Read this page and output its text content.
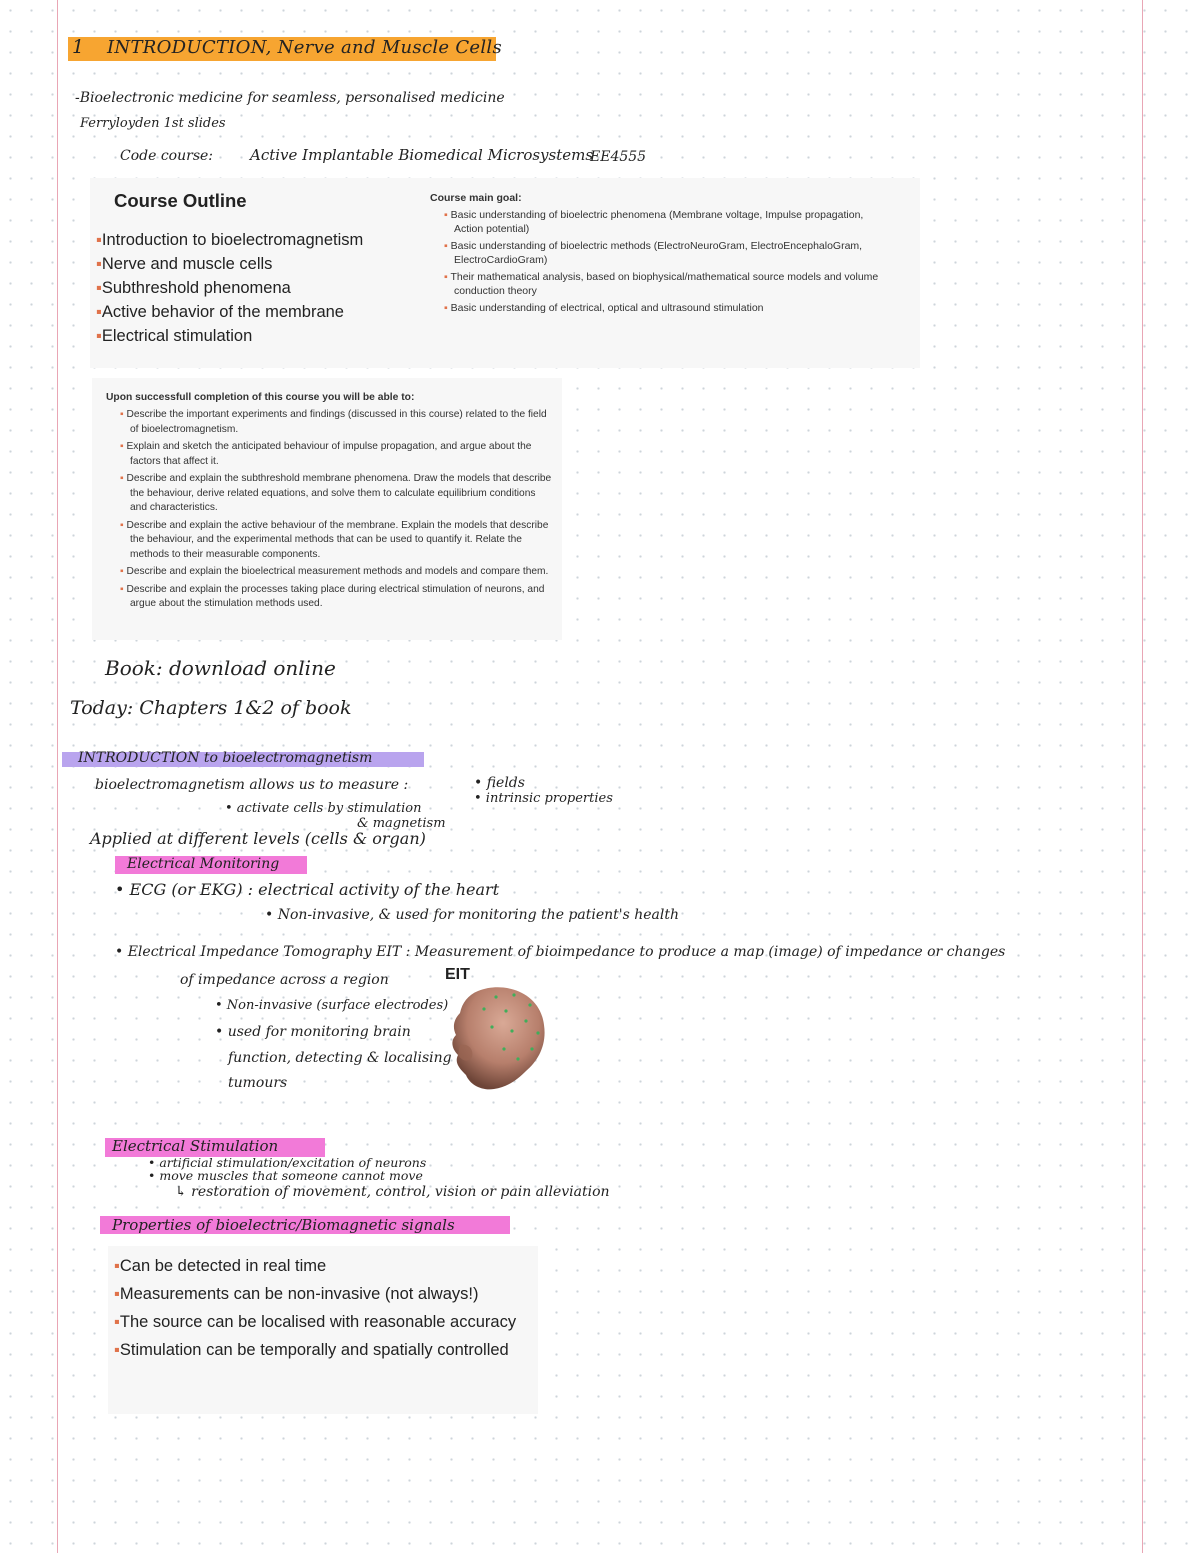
1 INTRODUCTION, Nerve and Muscle Cells
-Bioelectronic medicine for seamless, personalised medicine
Ferryloyden 1st slides
Code course: Active Implantable Biomedical Microsystems
EE4555
Course Outline
▪Introduction to bioelectromagnetism
▪Nerve and muscle cells
▪Subthreshold phenomena
▪Active behavior of the membrane
▪Electrical stimulation
Course main goal:
▪ Basic understanding of bioelectric phenomena (Membrane voltage, Impulse propagation, Action potential)
▪ Basic understanding of bioelectric methods (ElectroNeuroGram, ElectroEncephaloGram, ElectroCardioGram)
▪ Their mathematical analysis, based on biophysical/mathematical source models and volume conduction theory
▪ Basic understanding of electrical, optical and ultrasound stimulation
Upon successfull completion of this course you will be able to:
▪ Describe the important experiments and findings (discussed in this course) related to the field of bioelectromagnetism.
▪ Explain and sketch the anticipated behaviour of impulse propagation, and argue about the factors that affect it.
▪ Describe and explain the subthreshold membrane phenomena. Draw the models that describe the behaviour, derive related equations, and solve them to calculate equilibrium conditions and characteristics.
▪ Describe and explain the active behaviour of the membrane. Explain the models that describe the behaviour, and the experimental methods that can be used to quantify it. Relate the methods to their measurable components.
▪ Describe and explain the bioelectrical measurement methods and models and compare them.
▪ Describe and explain the processes taking place during electrical stimulation of neurons, and argue about the stimulation methods used.
Book: download online
Today: Chapters 1&2 of book
INTRODUCTION to bioelectromagnetism
bioelectromagnetism allows us to measure :	• fields
• intrinsic properties
• activate cells by stimulation
& magnetism
Applied at different levels (cells & organ)
Electrical Monitoring
• ECG (or EKG) : electrical activity of the heart
• Non-invasive, & used for monitoring the patient's health
• Electrical Impedance Tomography EIT : Measurement of bioimpedance to produce a map (image) of impedance or changes
of impedance across a region	EIT
• Non-invasive (surface electrodes)
• used for monitoring brain
function, detecting & localising
tumours
Electrical Stimulation
• artificial stimulation/excitation of neurons
• move muscles that someone cannot move
↳ restoration of movement, control, vision or pain alleviation
Properties of bioelectric/Biomagnetic signals
▪Can be detected in real time
▪Measurements can be non-invasive (not always!)
▪The source can be localised with reasonable accuracy
▪Stimulation can be temporally and spatially controlled
